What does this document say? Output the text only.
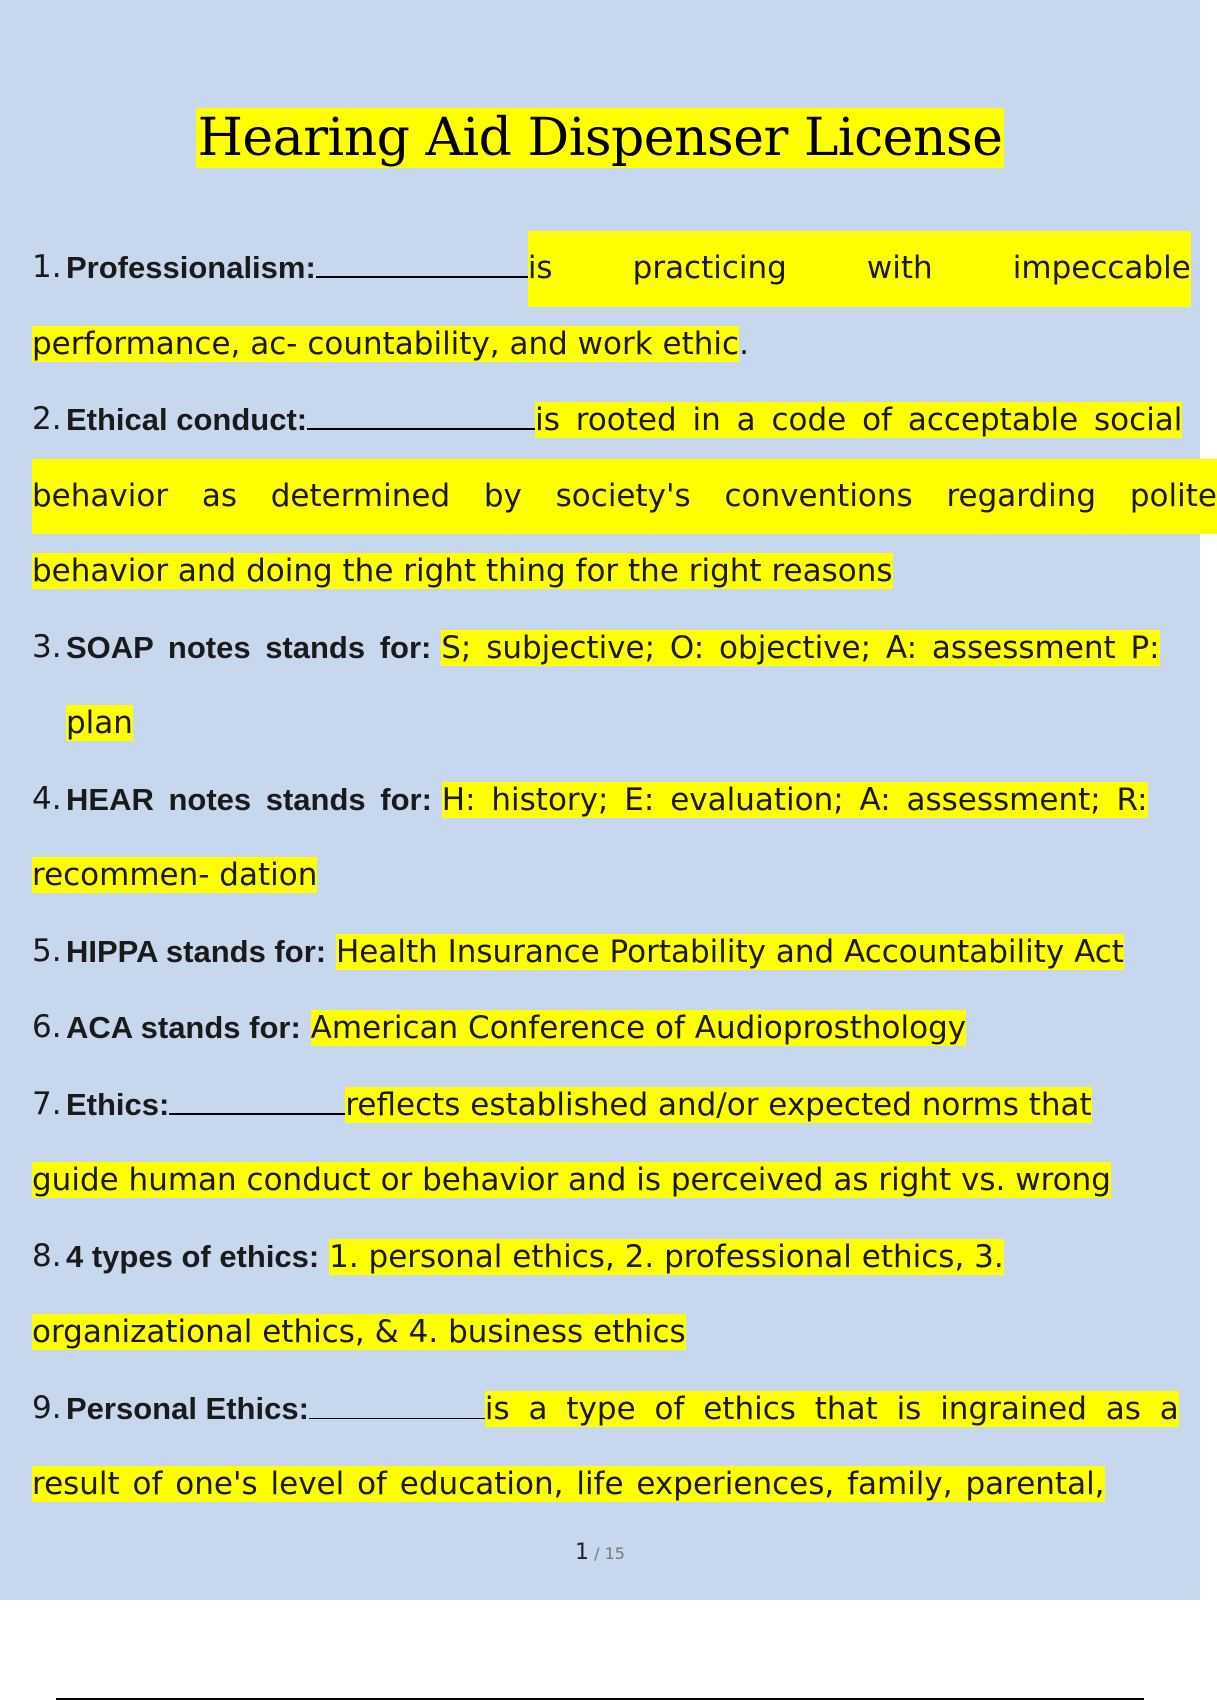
Hearing Aid Dispenser License
1. Professionalism:	is	practicing	with	impeccable
performance, ac- countability, and work ethic.
2. Ethical conduct:	is rooted in a code of acceptable social
behavior as determined by society's conventions regarding polite
behavior and doing the right thing for the right reasons
3. SOAP notes stands for: S; subjective; O: objective; A: assessment P:
plan
4. HEAR notes stands for: H: history; E: evaluation; A: assessment; R:
recommen- dation
5. HIPPA stands for: Health Insurance Portability and Accountability Act
6. ACA stands for: American Conference of Audioprosthology
7. Ethics:	reflects established and/or expected norms that
guide human conduct or behavior and is perceived as right vs. wrong
8. 4 types of ethics: 1. personal ethics, 2. professional ethics, 3.
organizational ethics, & 4. business ethics
9. Personal Ethics:	is a type of ethics that is ingrained as a
result of one's level of education, life experiences, family, parental,
1 / 15
